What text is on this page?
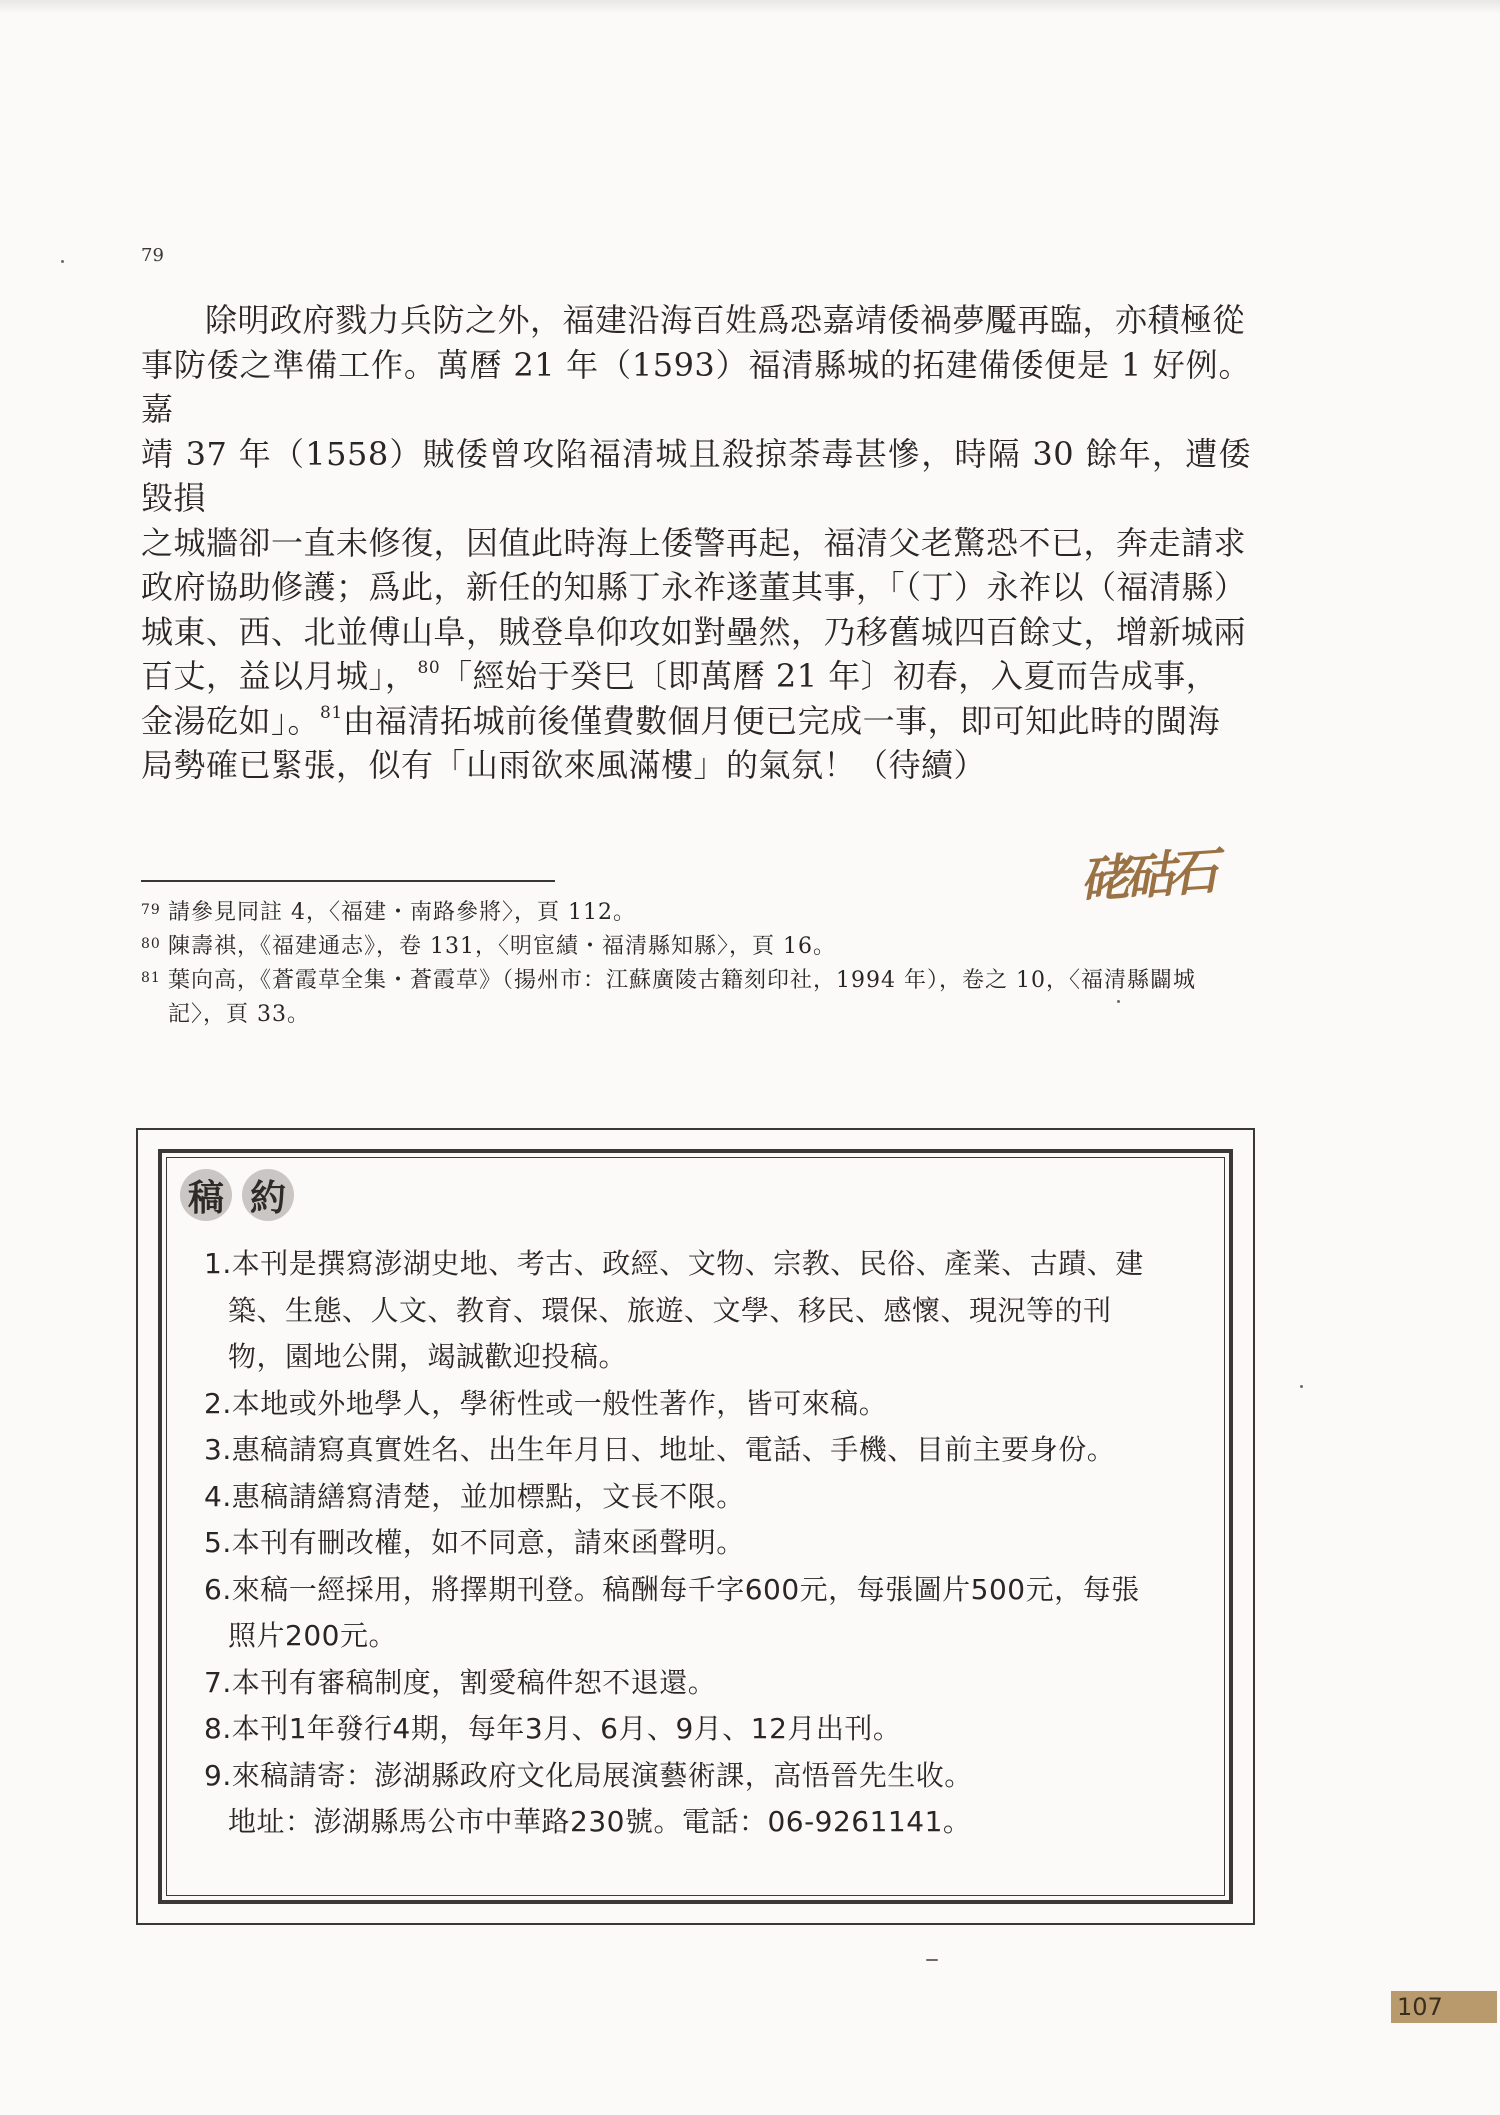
79

除明政府戮力兵防之外，福建沿海百姓爲恐嘉靖倭禍夢魘再臨，亦積極從

事防倭之準備工作。萬曆 21 年（1593）福清縣城的拓建備倭便是 1 好例。嘉

靖 37 年（1558）賊倭曾攻陷福清城且殺掠荼毒甚慘，時隔 30 餘年，遭倭毀損

之城牆卻一直未修復，因值此時海上倭警再起，福清父老驚恐不已，奔走請求

政府協助修護；爲此，新任的知縣丁永祚遂董其事，「（丁）永祚以（福清縣）

城東、西、北並傅山阜，賊登阜仰攻如對壘然，乃移舊城四百餘丈，增新城兩

百丈，益以月城」，$^{80}$「經始于癸巳〔即萬曆 21 年〕初春，入夏而告成事，

金湯矻如」。$^{81}$由福清拓城前後僅費數個月便已完成一事，即可知此時的閩海

局勢確已緊張，似有「山雨欲來風滿樓」的氣氛！（待續）

硓𥑮石

79 請參見同註 4，〈福建・南路參將〉，頁 112。

80 陳壽祺，《福建通志》，卷 131，〈明宦績・福清縣知縣〉，頁 16。

81 葉向高，《蒼霞草全集・蒼霞草》（揚州市：江蘇廣陵古籍刻印社，1994 年），卷之 10，〈福清縣闢城記〉，頁 33。

稿 約

1.本刊是撰寫澎湖史地、考古、政經、文物、宗教、民俗、產業、古蹟、建築、生態、人文、教育、環保、旅遊、文學、移民、感懷、現況等的刊物，園地公開，竭誠歡迎投稿。

2.本地或外地學人，學術性或一般性著作，皆可來稿。

3.惠稿請寫真實姓名、出生年月日、地址、電話、手機、目前主要身份。

4.惠稿請繕寫清楚，並加標點，文長不限。

5.本刊有刪改權，如不同意，請來函聲明。

6.來稿一經採用，將擇期刊登。稿酬每千字600元，每張圖片500元，每張照片200元。

7.本刊有審稿制度，割愛稿件恕不退還。

8.本刊1年發行4期，每年3月、6月、9月、12月出刊。

9.來稿請寄：澎湖縣政府文化局展演藝術課，高悟晉先生收。

地址：澎湖縣馬公市中華路230號。電話：06-9261141。

107
